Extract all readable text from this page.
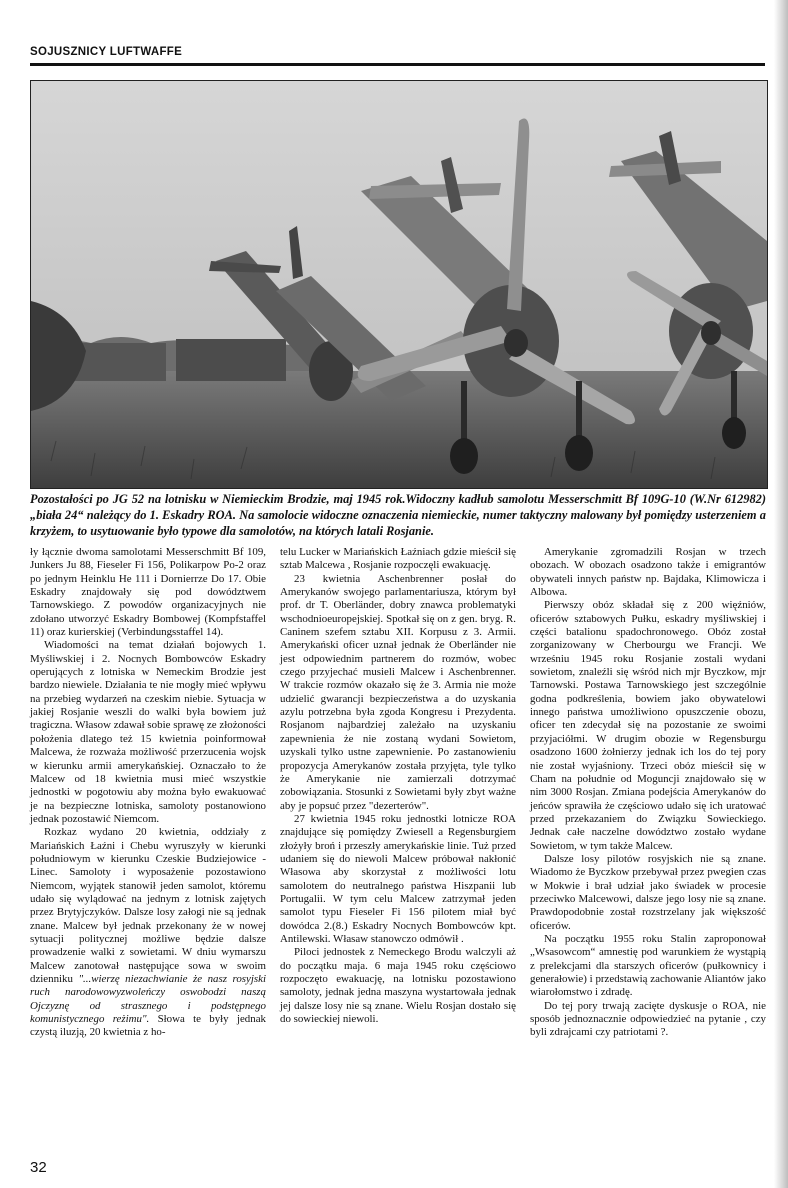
SOJUSZNICY LUFTWAFFE
Pozostałości po JG 52 na lotnisku w Niemieckim Brodzie, maj 1945 rok.Widoczny kadłub samolotu Messerschmitt Bf 109G-10 (W.Nr 612982) „biała 24“ należący do 1. Eskadry ROA. Na samolocie widoczne oznaczenia niemieckie, numer taktyczny malowany był pomiędzy usterzeniem a krzyżem, to usytuowanie było typowe dla samolotów, na których latali Rosjanie.

ły łącznie dwoma samolotami Messerschmitt Bf 109, Junkers Ju 88, Fieseler Fi 156, Polikarpow Po-2 oraz po jednym Heinklu He 111 i Dornierrze Do 17. Obie Eskadry znajdowały się pod dowództwem Tarnowskiego. Z powodów organizacyjnych nie zdołano utworzyć Eskadry Bombowej (Kompfstaffel 11) oraz kurierskiej (Verbindungsstaffel 14).

Wiadomości na temat działań bojowych 1. Myśliwskiej i 2. Nocnych Bombowców Eskadry operujących z lotniska w Nemeckim Brodzie jest bardzo niewiele. Działania te nie mogły mieć wpływu na przebieg wydarzeń na czeskim niebie. Sytuacja w jakiej Rosjanie weszli do walki była bowiem już tragiczna. Własow zdawał sobie sprawę ze złożoności położenia dlatego też 15 kwietnia poinformował Malcewa, że rozważa możliwość przerzucenia wojsk w kierunku armii amerykańskiej. Oznaczało to że Malcew od 18 kwietnia musi mieć wszystkie jednostki w pogotowiu aby można było ewakuować je na bezpieczne lotniska, samoloty postanowiono jednak pozostawić Niemcom.

Rozkaz wydano 20 kwietnia, oddziały z Mariańskich Łaźni i Chebu wyruszyły w kierunki południowym w kierunku Czeskie Budziejowice - Linec. Samoloty i wyposażenie pozostawiono Niemcom, wyjątek stanowił jeden samolot, któremu udało się wylądować na jednym z lotnisk zajętych przez Brytyjczyków. Dalsze losy załogi nie są jednak znane. Malcew był jednak przekonany że w nowej sytuacji politycznej możliwe będzie dalsze prowadzenie walki z sowietami. W dniu wymarszu Malcew zanotował następujące sowa w swoim dzienniku "...wierzę niezachwianie że nasz rosyjski ruch narodowowyzwoleńczy oswobodzi naszą Ojczyznę od strasznego i podstępnego komunistycznego reżimu". Słowa te były jednak czystą iluzją, 20 kwietnia z ho-

telu Lucker w Mariańskich Łaźniach gdzie mieścił się sztab Malcewa , Rosjanie rozpoczęli ewakuację.

23 kwietnia Aschenbrenner posłał do Amerykanów swojego parlamentariusza, którym był prof. dr T. Oberländer, dobry znawca problematyki wschodnioeuropejskiej. Spotkał się on z gen. bryg. R. Caninem szefem sztabu XII. Korpusu z 3. Armii. Amerykański oficer uznał jednak że Oberländer nie jest odpowiednim partnerem do rozmów, wobec czego przyjechać musieli Malcew i Aschenbrenner. W trakcie rozmów okazało się że 3. Armia nie może udzielić gwarancji bezpieczeństwa a do uzyskania azylu potrzebna była zgoda Kongresu i Prezydenta. Rosjanom najbardziej zależało na uzyskaniu zapewnienia że nie zostaną wydani Sowietom, uzyskali tylko ustne zapewnienie. Po zastanowieniu propozycja Amerykanów została przyjęta, tyle tylko że Amerykanie nie zamierzali dotrzymać zobowiązania. Stosunki z Sowietami były zbyt ważne aby je popsuć przez "dezerterów".

27 kwietnia 1945 roku jednostki lotnicze ROA znajdujące się pomiędzy Zwiesell a Regensburgiem złożyły broń i przeszły amerykańskie linie. Tuż przed udaniem się do niewoli Malcew próbował nakłonić Własowa aby skorzystał z możliwości lotu samolotem do neutralnego państwa Hiszpanii lub Portugalii. W tym celu Malcew zatrzymał jeden samolot typu Fieseler Fi 156 pilotem miał być dowódca 2.(8.) Eskadry Nocnych Bombowców kpt. Antilewski. Własaw stanowczo odmówił .

Piloci jednostek z Nemeckego Brodu walczyli aż do początku maja. 6 maja 1945 roku częściowo rozpoczęto ewakuację, na lotnisku pozostawiono samoloty, jednak jedna maszyna wystartowała jednak jej dalsze losy nie są znane. Wielu Rosjan dostało się do sowieckiej niewoli.

Amerykanie zgromadzili Rosjan w trzech obozach. W obozach osadzono także i emigrantów obywateli innych państw np. Bajdaka, Klimowicza i Albowa.

Pierwszy obóz składał się z 200 więźniów, oficerów sztabowych Pułku, eskadry myśliwskiej i części batalionu spadochronowego. Obóz został zorganizowany w Cherbourgu we Francji. We wrześniu 1945 roku Rosjanie zostali wydani sowietom, znaleźli się wśród nich mjr Byczkow, mjr Tarnowski. Postawa Tarnowskiego jest szczególnie godna podkreślenia, bowiem jako obywatelowi innego państwa umożliwiono opuszczenie obozu, oficer ten zdecydał się na pozostanie ze swoimi przyjaciółmi. W drugim obozie w Regensburgu osadzono 1600 żołnierzy jednak ich los do tej pory nie został wyjaśniony. Trzeci obóz mieścił się w Cham na południe od Moguncji znajdowało się w nim 3000 Rosjan. Zmiana podejścia Amerykanów do jeńców sprawiła że częściowo udało się ich uratować przed przekazaniem do Związku Sowieckiego. Jednak całe naczelne dowództwo zostało wydane Sowietom, w tym także Malcew.

Dalsze losy pilotów rosyjskich nie są znane. Wiadomo że Byczkow przebywał przez pwegien czas w Mokwie i brał udział jako świadek w procesie przeciwko Malcewowi, dalsze jego losy nie są znane. Prawdopodobnie został rozstrzelany jak większość oficerów.

Na początku 1955 roku Stalin zaproponował „Wsasowcom“ amnestię pod warunkiem że wystąpią z prelekcjami dla starszych oficerów (pułkownicy i generałowie) i przedstawią zachowanie Aliantów jako wiarołomstwo i zdradę.

Do tej pory trwają zacięte dyskusje o ROA, nie sposób jednoznacznie odpowiedzieć na pytanie , czy byli zdrajcami czy patriotami ?.

32
